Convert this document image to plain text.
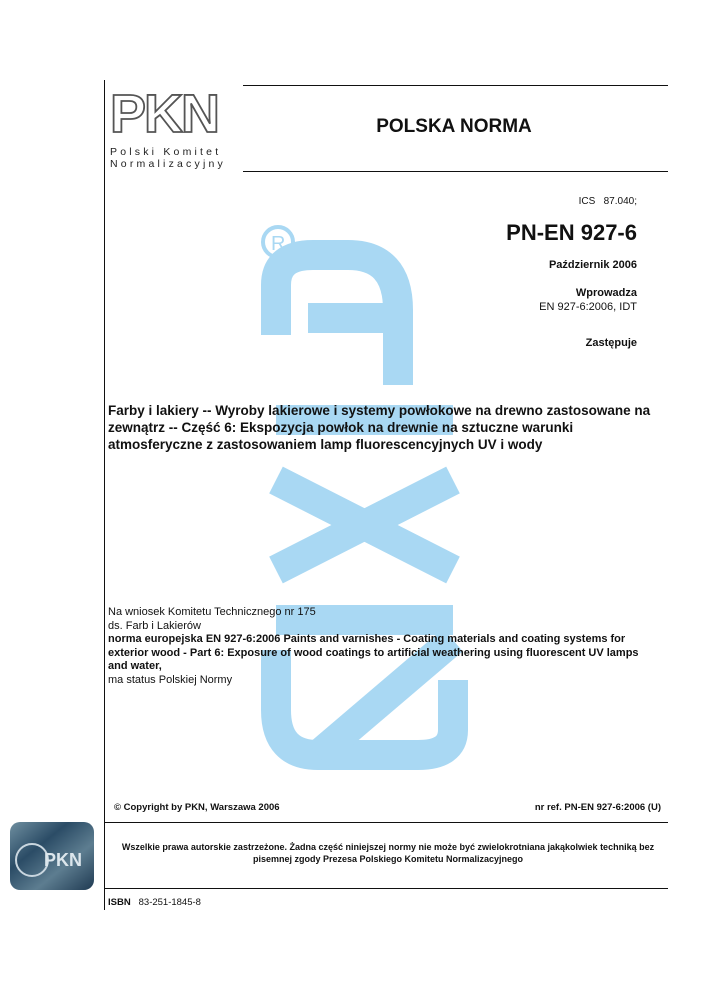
PKN
Polski Komitet
Normalizacyjny
POLSKA NORMA
R
ICS 87.040;
PN-EN 927-6
Październik 2006
Wprowadza
EN 927-6:2006, IDT
Zastępuje
Farby i lakiery -- Wyroby lakierowe i systemy powłokowe na drewno zastosowane na
zewnątrz -- Część 6: Ekspozycja powłok na drewnie na sztuczne warunki
atmosferyczne z zastosowaniem lamp fluorescencyjnych UV i wody
Na wniosek Komitetu Technicznego nr 175
ds. Farb i Lakierów
norma europejska EN 927-6:2006 Paints and varnishes - Coating materials and coating systems for
exterior wood - Part 6: Exposure of wood coatings to artificial weathering using fluorescent UV lamps
and water,
ma status Polskiej Normy
© Copyright by PKN, Warszawa 2006	nr ref. PN-EN 927-6:2006 (U)
Wszelkie prawa autorskie zastrzeżone. Żadna część niniejszej normy nie może być zwielokrotniana jakąkolwiek techniką bez
pisemnej zgody Prezesa Polskiego Komitetu Normalizacyjnego
PKN
ISBN 83-251-1845-8
